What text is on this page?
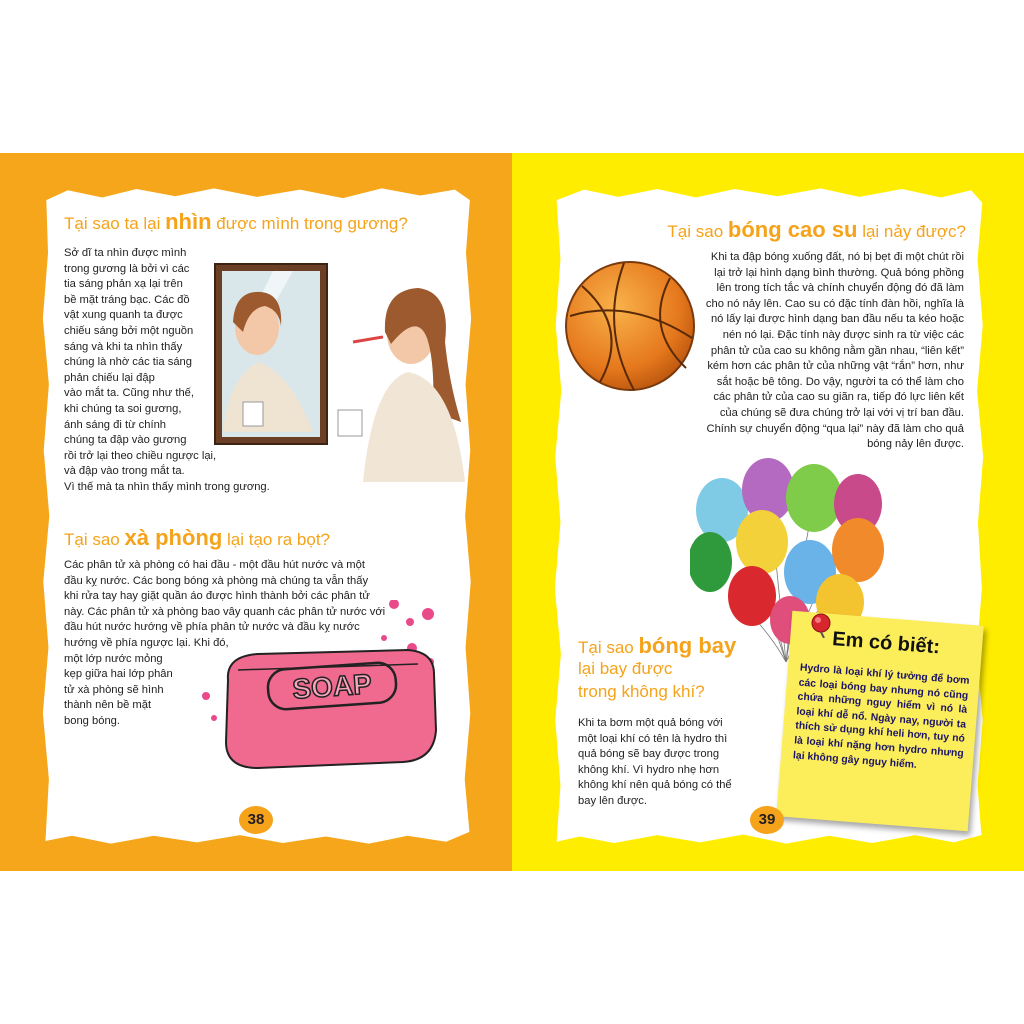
Tại sao ta lại nhìn được mình trong gương?
Sở dĩ ta nhìn được mình
trong gương là bởi vì các
tia sáng phản xạ lại trên
bề mặt tráng bạc. Các đồ
vật xung quanh ta được
chiếu sáng bởi một nguồn
sáng và khi ta nhìn thấy
chúng là nhờ các tia sáng
phản chiếu lại đập
vào mắt ta. Cũng như thế,
khi chúng ta soi gương,
ánh sáng đi từ chính
chúng ta đập vào gương
rồi trở lại theo chiều ngược lại,
và đập vào trong mắt ta.
Vì thế mà ta nhìn thấy mình trong gương.
Tại sao xà phòng lại tạo ra bọt?
Các phân tử xà phòng có hai đầu - một đầu hút nước và một
đầu kỵ nước. Các bong bóng xà phòng mà chúng ta vẫn thấy
khi rửa tay hay giặt quần áo được hình thành bởi các phân tử
này. Các phân tử xà phòng bao vây quanh các phân tử nước với
đầu hút nước hướng về phía phân tử nước và đầu kỵ nước
hướng về phía ngược lại. Khi đó,
một lớp nước mỏng
kẹp giữa hai lớp phân
tử xà phòng sẽ hình
thành nên bề mặt
bong bóng.
SOAP
38
Tại sao bóng cao su lại nảy được?
Khi ta đập bóng xuống đất, nó bị bẹt đi một chút rồi
lại trở lại hình dạng bình thường. Quả bóng phồng
lên trong tích tắc và chính chuyển động đó đã làm
cho nó nảy lên. Cao su có đặc tính đàn hồi, nghĩa là
nó lấy lại được hình dạng ban đầu nếu ta kéo hoặc
nén nó lại. Đặc tính này được sinh ra từ việc các
phân tử của cao su không nằm gần nhau, “liên kết”
kém hơn các phân tử của những vật “rắn” hơn, như
sắt hoặc bê tông. Do vậy, người ta có thể làm cho
các phân tử của cao su giãn ra, tiếp đó lực liên kết
của chúng sẽ đưa chúng trở lại với vị trí ban đầu.
Chính sự chuyển động “qua lại” này đã làm cho quả
bóng nảy lên được.
Tại sao bóng bay
lại bay được
trong không khí?
Khi ta bơm một quả bóng với
một loại khí có tên là hydro thì
quả bóng sẽ bay được trong
không khí. Vì hydro nhẹ hơn
không khí nên quả bóng có thể
bay lên được.
Em có biết:

Hydro là loại khí lý tưởng để bơm các loại bóng bay nhưng nó cũng chứa những nguy hiểm vì nó là loại khí dễ nổ. Ngày nay, người ta thích sử dụng khí heli hơn, tuy nó là loại khí nặng hơn hydro nhưng lại không gây nguy hiểm.

39
